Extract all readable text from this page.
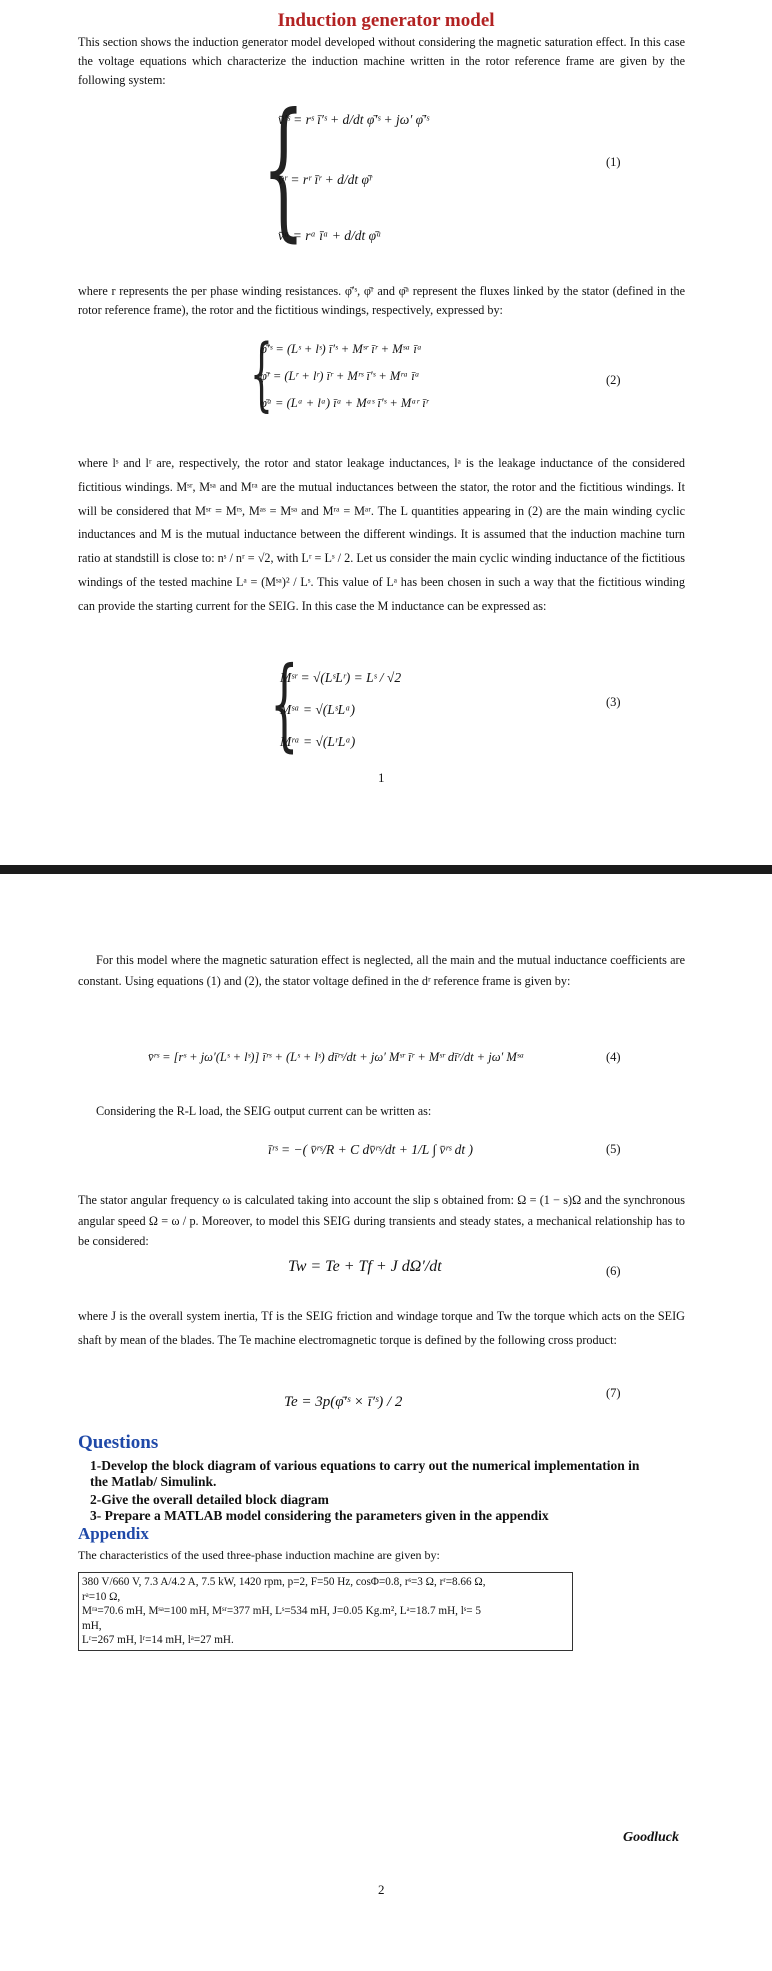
Induction generator model
This section shows the induction generator model developed without considering the magnetic saturation effect. In this case the voltage equations which characterize the induction machine written in the rotor reference frame are given by the following system:
{
v̄′ˢ = rˢ ī′ˢ + d/dt φ̄′ˢ + jω′ φ̄′ˢ
v̄ʳ = rʳ īʳ + d/dt φ̄ʳ
v̄ᵃ = rᵃ īᵃ + d/dt φ̄ᵃ
(1)
where r represents the per phase winding resistances. φ̄′ˢ, φ̄ʳ and φ̄ᵃ represent the fluxes linked by the stator (defined in the rotor reference frame), the rotor and the fictitious windings, respectively, expressed by:
{
φ̄′ˢ = (Lˢ + lˢ) ī′ˢ + Mˢʳ īʳ + Mˢᵃ īᵃ
φ̄ʳ = (Lʳ + lʳ) īʳ + Mʳˢ ī′ˢ + Mʳᵃ īᵃ
φ̄ᵃ = (Lᵃ + lᵃ) īᵃ + Mᵃˢ ī′ˢ + Mᵃʳ īʳ
(2)
where lˢ and lʳ are, respectively, the rotor and stator leakage inductances, lᵃ is the leakage inductance of the considered fictitious windings. Mˢʳ, Mˢᵃ and Mʳᵃ are the mutual inductances between the stator, the rotor and the fictitious windings. It will be considered that Mˢʳ = Mʳˢ, Mᵃˢ = Mˢᵃ and Mʳᵃ = Mᵃʳ. The L quantities appearing in (2) are the main winding cyclic inductances and M is the mutual inductance between the different windings. It is assumed that the induction machine turn ratio at standstill is close to: nˢ / nʳ = √2, with Lʳ = Lˢ / 2. Let us consider the main cyclic winding inductance of the fictitious windings of the tested machine Lᵃ = (Mˢᵃ)² / Lˢ. This value of Lᵃ has been chosen in such a way that the fictitious winding can provide the starting current for the SEIG. In this case the M inductance can be expressed as:
{
Mˢʳ = √(LˢLʳ) = Lˢ / √2
Mˢᵃ = √(LˢLᵃ)
Mʳᵃ = √(LʳLᵃ)
(3)
1
For this model where the magnetic saturation effect is neglected, all the main and the mutual inductance coefficients are constant. Using equations (1) and (2), the stator voltage defined in the dʳ reference frame is given by:
v̄ʳˢ = [rˢ + jω′(Lˢ + lˢ)] īʳˢ + (Lˢ + lˢ) dīʳˢ/dt + jω′ Mˢʳ īʳ + Mˢʳ dīʳ/dt + jω′ Mˢᵃ	(4)
Considering the R-L load, the SEIG output current can be written as:
īʳˢ = −( v̄ʳˢ/R + C dv̄ʳˢ/dt + 1/L ∫ v̄ʳˢ dt )	(5)
The stator angular frequency ω is calculated taking into account the slip s obtained from: Ω = (1 − s)Ω and the synchronous angular speed Ω = ω / p. Moreover, to model this SEIG during transients and steady states, a mechanical relationship has to be considered:
Tw = Te + Tf + J dΩ′/dt	(6)
where J is the overall system inertia, Tf is the SEIG friction and windage torque and Tw the torque which acts on the SEIG shaft by mean of the blades. The Te machine electromagnetic torque is defined by the following cross product:
Te = 3p(φ̄′ˢ × ī′ˢ) / 2
(7)
Questions
1-Develop the block diagram of various equations to carry out the numerical implementation in the Matlab/ Simulink.
2-Give the overall detailed block diagram
3- Prepare a MATLAB model considering the parameters given in the appendix
Appendix
The characteristics of the used three-phase induction machine are given by:
380 V/660 V, 7.3 A/4.2 A, 7.5 kW, 1420 rpm, p=2, F=50 Hz, cosΦ=0.8, rˢ=3 Ω, rʳ=8.66 Ω,
rᵃ=10 Ω,
Mʳᵃ=70.6 mH, Mˢᵃ=100 mH, Mˢʳ=377 mH, Lˢ=534 mH, J=0.05 Kg.m², Lᵃ=18.7 mH, lˢ= 5
mH,
Lʳ=267 mH, lʳ=14 mH, lᵃ=27 mH.
Goodluck
2
